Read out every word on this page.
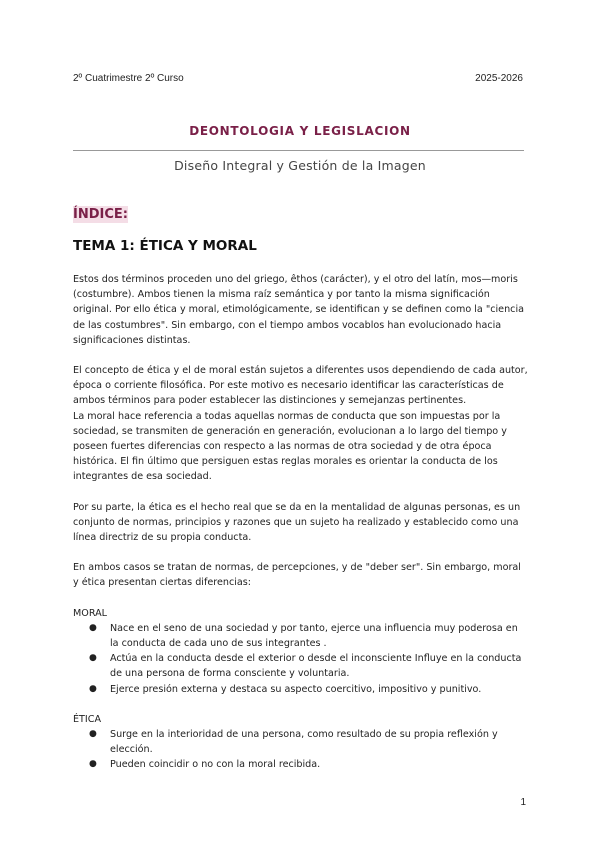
2º Cuatrimestre 2º Curso	2025-2026
DEONTOLOGIA Y LEGISLACION
Diseño Integral y Gestión de la Imagen
ÍNDICE:
TEMA 1: ÉTICA Y MORAL

Estos dos términos proceden uno del griego, êthos (carácter), y el otro del latín, mos—moris (costumbre). Ambos tienen la misma raíz semántica y por tanto la misma significación original. Por ello ética y moral, etimológicamente, se identifican y se definen como la "ciencia de las costumbres". Sin embargo, con el tiempo ambos vocablos han evolucionado hacia significaciones distintas.

El concepto de ética y el de moral están sujetos a diferentes usos dependiendo de cada autor, época o corriente filosófica. Por este motivo es necesario identificar las características de ambos términos para poder establecer las distinciones y semejanzas pertinentes.

La moral hace referencia a todas aquellas normas de conducta que son impuestas por la sociedad, se transmiten de generación en generación, evolucionan a lo largo del tiempo y poseen fuertes diferencias con respecto a las normas de otra sociedad y de otra época histórica. El fin último que persiguen estas reglas morales es orientar la conducta de los integrantes de esa sociedad.

Por su parte, la ética es el hecho real que se da en la mentalidad de algunas personas, es un conjunto de normas, principios y razones que un sujeto ha realizado y establecido como una línea directriz de su propia conducta.

En ambos casos se tratan de normas, de percepciones, y de "deber ser". Sin embargo, moral y ética presentan ciertas diferencias:

MORAL

● Nace en el seno de una sociedad y por tanto, ejerce una influencia muy poderosa en la conducta de cada uno de sus integrantes .
● Actúa en la conducta desde el exterior o desde el inconsciente Influye en la conducta de una persona de forma consciente y voluntaria.
● Ejerce presión externa y destaca su aspecto coercitivo, impositivo y punitivo.

ÉTICA

● Surge en la interioridad de una persona, como resultado de su propia reflexión y elección.
● Pueden coincidir o no con la moral recibida.
1
